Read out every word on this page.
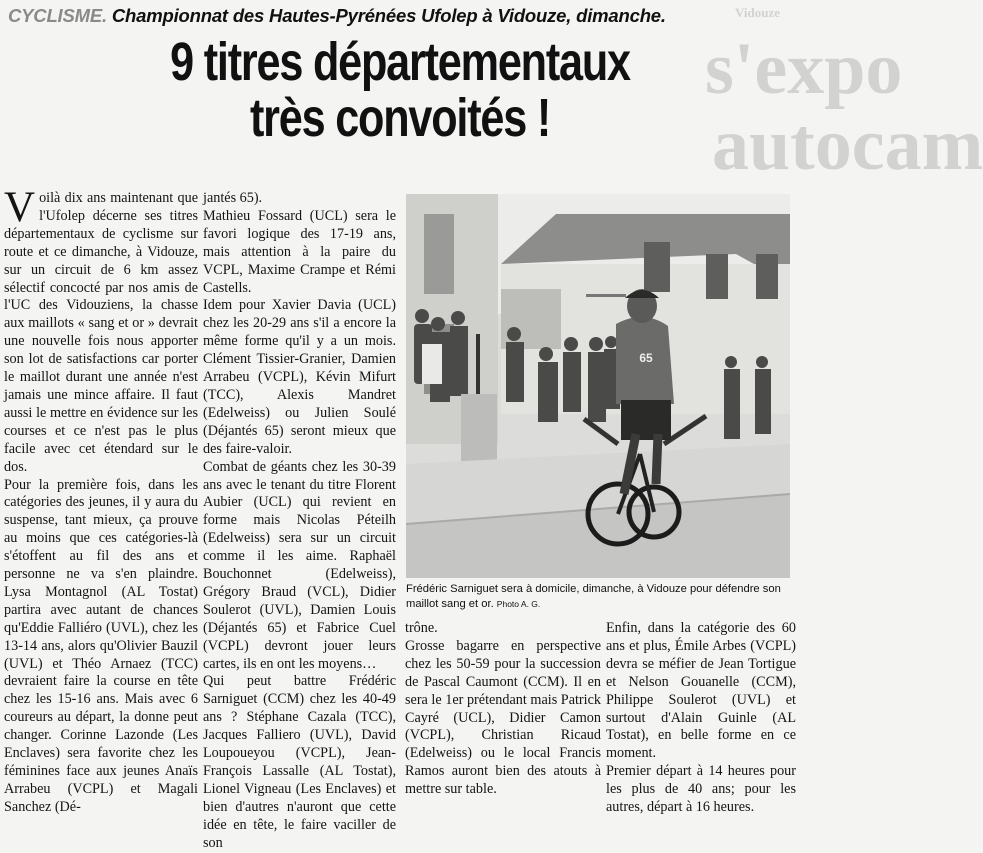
Vidouze
s'expo
autocam
CYCLISME. Championnat des Hautes-Pyrénées Ufolep à Vidouze, dimanche.
9 titres départementaux
très convoités !

Voilà dix ans maintenant que l'Ufolep décerne ses titres départementaux de cyclisme sur route et ce dimanche, à Vidouze, sur un circuit de 6 km assez sélectif concocté par nos amis de l'UC des Vidouziens, la chasse aux maillots « sang et or » devrait une nouvelle fois nous apporter son lot de satisfactions car porter le maillot durant une année n'est jamais une mince affaire. Il faut aussi le mettre en évidence sur les courses et ce n'est pas le plus facile avec cet étendard sur le dos.

Pour la première fois, dans les catégories des jeunes, il y aura du suspense, tant mieux, ça prouve au moins que ces catégories-là s'étoffent au fil des ans et personne ne va s'en plaindre. Lysa Montagnol (AL Tostat) partira avec autant de chances qu'Eddie Falliéro (UVL), chez les 13-14 ans, alors qu'Olivier Bauzil (UVL) et Théo Arnaez (TCC) devraient faire la course en tête chez les 15-16 ans. Mais avec 6 coureurs au départ, la donne peut changer. Corinne Lazonde (Les Enclaves) sera favorite chez les féminines face aux jeunes Anaïs Arrabeu (VCPL) et Magali Sanchez (Dé-

jantés 65).

Mathieu Fossard (UCL) sera le favori logique des 17-19 ans, mais attention à la paire du VCPL, Maxime Crampe et Rémi Castells.

Idem pour Xavier Davia (UCL) chez les 20-29 ans s'il a encore la même forme qu'il y a un mois. Clément Tissier-Granier, Damien Arrabeu (VCPL), Kévin Mifurt (TCC), Alexis Mandret (Edelweiss) ou Julien Soulé (Déjantés 65) seront mieux que des faire-valoir.

Combat de géants chez les 30-39 ans avec le tenant du titre Florent Aubier (UCL) qui revient en forme mais Nicolas Péteilh (Edelweiss) sera sur un circuit comme il les aime. Raphaël Bouchonnet (Edelweiss), Grégory Braud (VCL), Didier Soulerot (UVL), Damien Louis (Déjantés 65) et Fabrice Cuel (VCPL) devront jouer leurs cartes, ils en ont les moyens…

Qui peut battre Frédéric Sarniguet (CCM) chez les 40-49 ans ? Stéphane Cazala (TCC), Jacques Falliero (UVL), David Loupoueyou (VCPL), Jean-François Lassalle (AL Tostat), Lionel Vigneau (Les Enclaves) et bien d'autres n'auront que cette idée en tête, le faire vaciller de son

65
Frédéric Sarniguet sera à domicile, dimanche, à Vidouze pour défendre son maillot sang et or. Photo A. G.

trône.

Grosse bagarre en perspective chez les 50-59 pour la succession de Pascal Caumont (CCM). Il en sera le 1er prétendant mais Patrick Cayré (UCL), Didier Camon (VCPL), Christian Ricaud (Edelweiss) ou le local Francis Ramos auront bien des atouts à mettre sur table.

Enfin, dans la catégorie des 60 ans et plus, Émile Arbes (VCPL) devra se méfier de Jean Tortigue et Nelson Gouanelle (CCM), Philippe Soulerot (UVL) et surtout d'Alain Guinle (AL Tostat), en belle forme en ce moment.

Premier départ à 14 heures pour les plus de 40 ans; pour les autres, départ à 16 heures.
